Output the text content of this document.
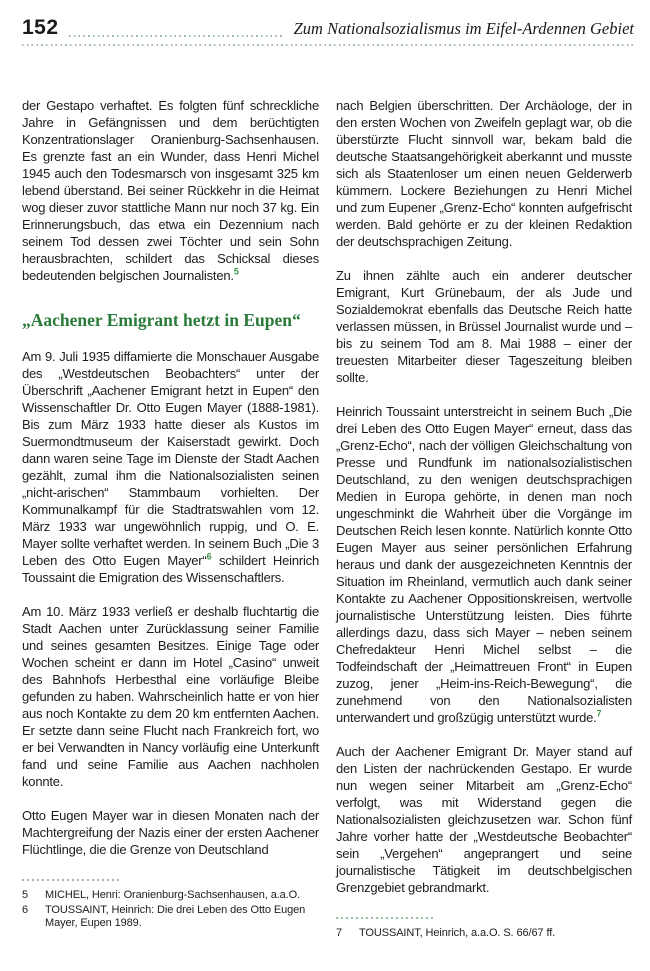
152	Zum Nationalsozialismus im Eifel-Ardennen Gebiet

der Gestapo verhaftet. Es folgten fünf schreckliche Jahre in Gefängnissen und dem berüchtigten Konzentrationslager Oranienburg-Sachsenhausen. Es grenzte fast an ein Wunder, dass Henri Michel 1945 auch den Todesmarsch von insgesamt 325 km lebend überstand. Bei seiner Rückkehr in die Heimat wog dieser zuvor stattliche Mann nur noch 37 kg. Ein Erinnerungsbuch, das etwa ein Dezennium nach seinem Tod dessen zwei Töchter und sein Sohn herausbrachten, schildert das Schicksal dieses bedeutenden belgischen Journalisten.$^5$

„Aachener Emigrant hetzt in Eupen“

Am 9. Juli 1935 diffamierte die Monschauer Ausgabe des „Westdeutschen Beobachters“ unter der Überschrift „Aachener Emigrant hetzt in Eupen“ den Wissenschaftler Dr. Otto Eugen Mayer (1888-1981). Bis zum März 1933 hatte dieser als Kustos im Suermondtmuseum der Kaiserstadt gewirkt. Doch dann waren seine Tage im Dienste der Stadt Aachen gezählt, zumal ihm die Nationalsozialisten seinen „nicht-arischen“ Stammbaum vorhielten. Der Kommunalkampf für die Stadtratswahlen vom 12. März 1933 war ungewöhnlich ruppig, und O. E. Mayer sollte verhaftet werden. In seinem Buch „Die 3 Leben des Otto Eugen Mayer“$^6$ schildert Heinrich Toussaint die Emigration des Wissenschaftlers.

Am 10. März 1933 verließ er deshalb fluchtartig die Stadt Aachen unter Zurücklassung seiner Familie und seines gesamten Besitzes. Einige Tage oder Wochen scheint er dann im Hotel „Casino“ unweit des Bahnhofs Herbesthal eine vorläufige Bleibe gefunden zu haben. Wahrscheinlich hatte er von hier aus noch Kontakte zu dem 20 km entfernten Aachen. Er setzte dann seine Flucht nach Frankreich fort, wo er bei Verwandten in Nancy vorläufig eine Unterkunft fand und seine Familie aus Aachen nachholen konnte.

Otto Eugen Mayer war in diesen Monaten nach der Machtergreifung der Nazis einer der ersten Aachener Flüchtlinge, die die Grenze von Deutschland

5	MICHEL, Henri: Oranienburg-Sachsenhausen, a.a.O.
6	TOUSSAINT, Heinrich: Die drei Leben des Otto Eugen Mayer, Eupen 1989.

nach Belgien überschritten. Der Archäologe, der in den ersten Wochen von Zweifeln geplagt war, ob die überstürzte Flucht sinnvoll war, bekam bald die deutsche Staatsangehörigkeit aberkannt und musste sich als Staatenloser um einen neuen Gelderwerb kümmern. Lockere Beziehungen zu Henri Michel und zum Eupener „Grenz-Echo“ konnten aufgefrischt werden. Bald gehörte er zu der kleinen Redaktion der deutschsprachigen Zeitung.

Zu ihnen zählte auch ein anderer deutscher Emigrant, Kurt Grünebaum, der als Jude und Sozialdemokrat ebenfalls das Deutsche Reich hatte verlassen müssen, in Brüssel Journalist wurde und – bis zu seinem Tod am 8. Mai 1988 – einer der treuesten Mitarbeiter dieser Tageszeitung bleiben sollte.

Heinrich Toussaint unterstreicht in seinem Buch „Die drei Leben des Otto Eugen Mayer“ erneut, dass das „Grenz-Echo“, nach der völligen Gleichschaltung von Presse und Rundfunk im nationalsozialistischen Deutschland, zu den wenigen deutschsprachigen Medien in Europa gehörte, in denen man noch ungeschminkt die Wahrheit über die Vorgänge im Deutschen Reich lesen konnte. Natürlich konnte Otto Eugen Mayer aus seiner persönlichen Erfahrung heraus und dank der ausgezeichneten Kenntnis der Situation im Rheinland, vermutlich auch dank seiner Kontakte zu Aachener Oppositionskreisen, wertvolle journalistische Unterstützung leisten. Dies führte allerdings dazu, dass sich Mayer – neben seinem Chefredakteur Henri Michel selbst – die Todfeindschaft der „Heimattreuen Front“ in Eupen zuzog, jener „Heim-ins-Reich-Bewegung“, die zunehmend von den Nationalsozialisten unterwandert und großzügig unterstützt wurde.$^7$

Auch der Aachener Emigrant Dr. Mayer stand auf den Listen der nachrückenden Gestapo. Er wurde nun wegen seiner Mitarbeit am „Grenz-Echo“ verfolgt, was mit Widerstand gegen die Nationalsozialisten gleichzusetzen war. Schon fünf Jahre vorher hatte der „Westdeutsche Beobachter“ sein „Vergehen“ angeprangert und seine journalistische Tätigkeit im deutschbelgischen Grenzgebiet gebrandmarkt.

7	TOUSSAINT, Heinrich, a.a.O. S. 66/67 ff.
